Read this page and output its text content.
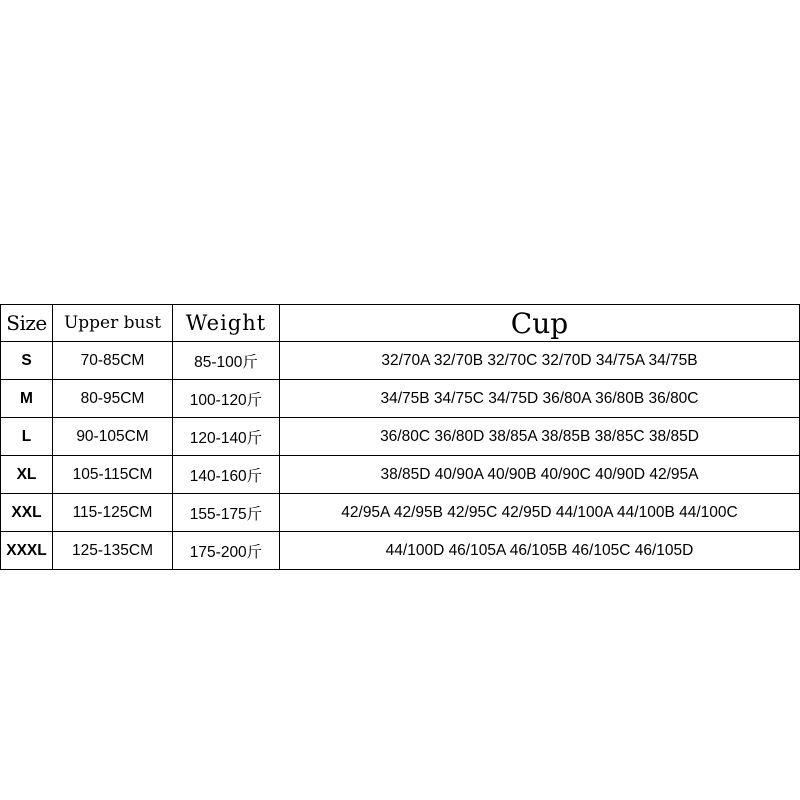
Size	Upper bust	Weight	Cup
S	70-85CM	85-100斤	32/70A 32/70B 32/70C 32/70D 34/75A 34/75B
M	80-95CM	100-120斤	34/75B 34/75C 34/75D 36/80A 36/80B 36/80C
L	90-105CM	120-140斤	36/80C 36/80D 38/85A 38/85B 38/85C 38/85D
XL	105-115CM	140-160斤	38/85D 40/90A 40/90B 40/90C 40/90D 42/95A
XXL	115-125CM	155-175斤	42/95A 42/95B 42/95C 42/95D 44/100A 44/100B 44/100C
XXXL	125-135CM	175-200斤	44/100D 46/105A 46/105B 46/105C 46/105D
